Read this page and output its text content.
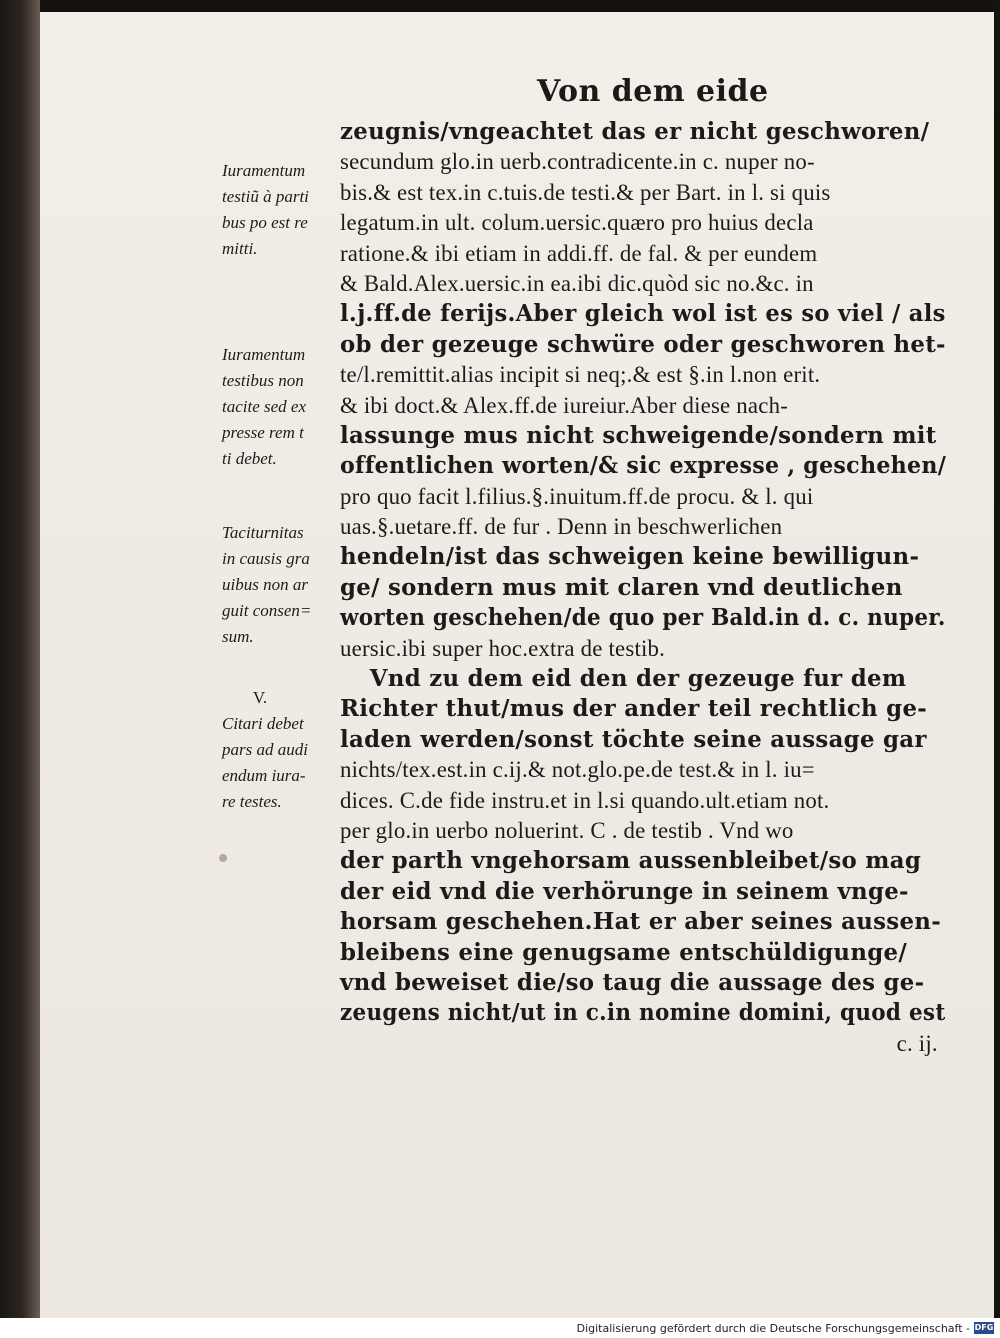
Von dem eide
zeugnis/vngeachtet das er nicht geschworen/
secundum glo.in uerb.contradicente.in c. nuper no-
bis.& est tex.in c.tuis.de testi.& per Bart. in l. si quis
legatum.in ult. colum.uersic.quæro pro huius decla
ratione.& ibi etiam in addi.ff. de fal. & per eundem
& Bald.Alex.uersic.in ea.ibi dic.quòd sic no.&c. in
l.j.ff.de ferijs.Aber gleich wol ist es so viel / als
ob der gezeuge schwüre oder geschworen het-
te/l.remittit.alias incipit si neq;.& est §.in l.non erit.
& ibi doct.& Alex.ff.de iureiur.Aber diese nach-
lassunge mus nicht schweigende/sondern mit
offentlichen worten/& sic expresse , geschehen/
pro quo facit l.filius.§.inuitum.ff.de procu. & l. qui
uas.§.uetare.ff. de fur . Denn in beschwerlichen
hendeln/ist das schweigen keine bewilligun-
ge/ sondern mus mit claren vnd deutlichen
worten geschehen/de quo per Bald.in d. c. nuper.
uersic.ibi super hoc.extra de testib.
Vnd zu dem eid den der gezeuge fur dem
Richter thut/mus der ander teil rechtlich ge-
laden werden/sonst töchte seine aussage gar
nichts/tex.est.in c.ij.& not.glo.pe.de test.& in l. iu=
dices. C.de fide instru.et in l.si quando.ult.etiam not.
per glo.in uerbo noluerint. C . de testib . Vnd wo
der parth vngehorsam aussenbleibet/so mag
der eid vnd die verhörunge in seinem vnge-
horsam geschehen.Hat er aber seines aussen-
bleibens eine genugsame entschüldigunge/
vnd beweiset die/so taug die aussage des ge-
zeugens nicht/ut in c.in nomine domini, quod est
c. ij.
Iuramentum
testiũ à parti
bus po est re
mitti.
Iuramentum
testibus non
tacite sed ex
presse rem t
ti debet.
Taciturnitas
in causis gra
uibus non ar
guit consen=
sum.
V.
Citari debet
pars ad audi
endum iura-
re testes.
Digitalisierung gefördert durch die Deutsche Forschungsgemeinschaft - DFG
